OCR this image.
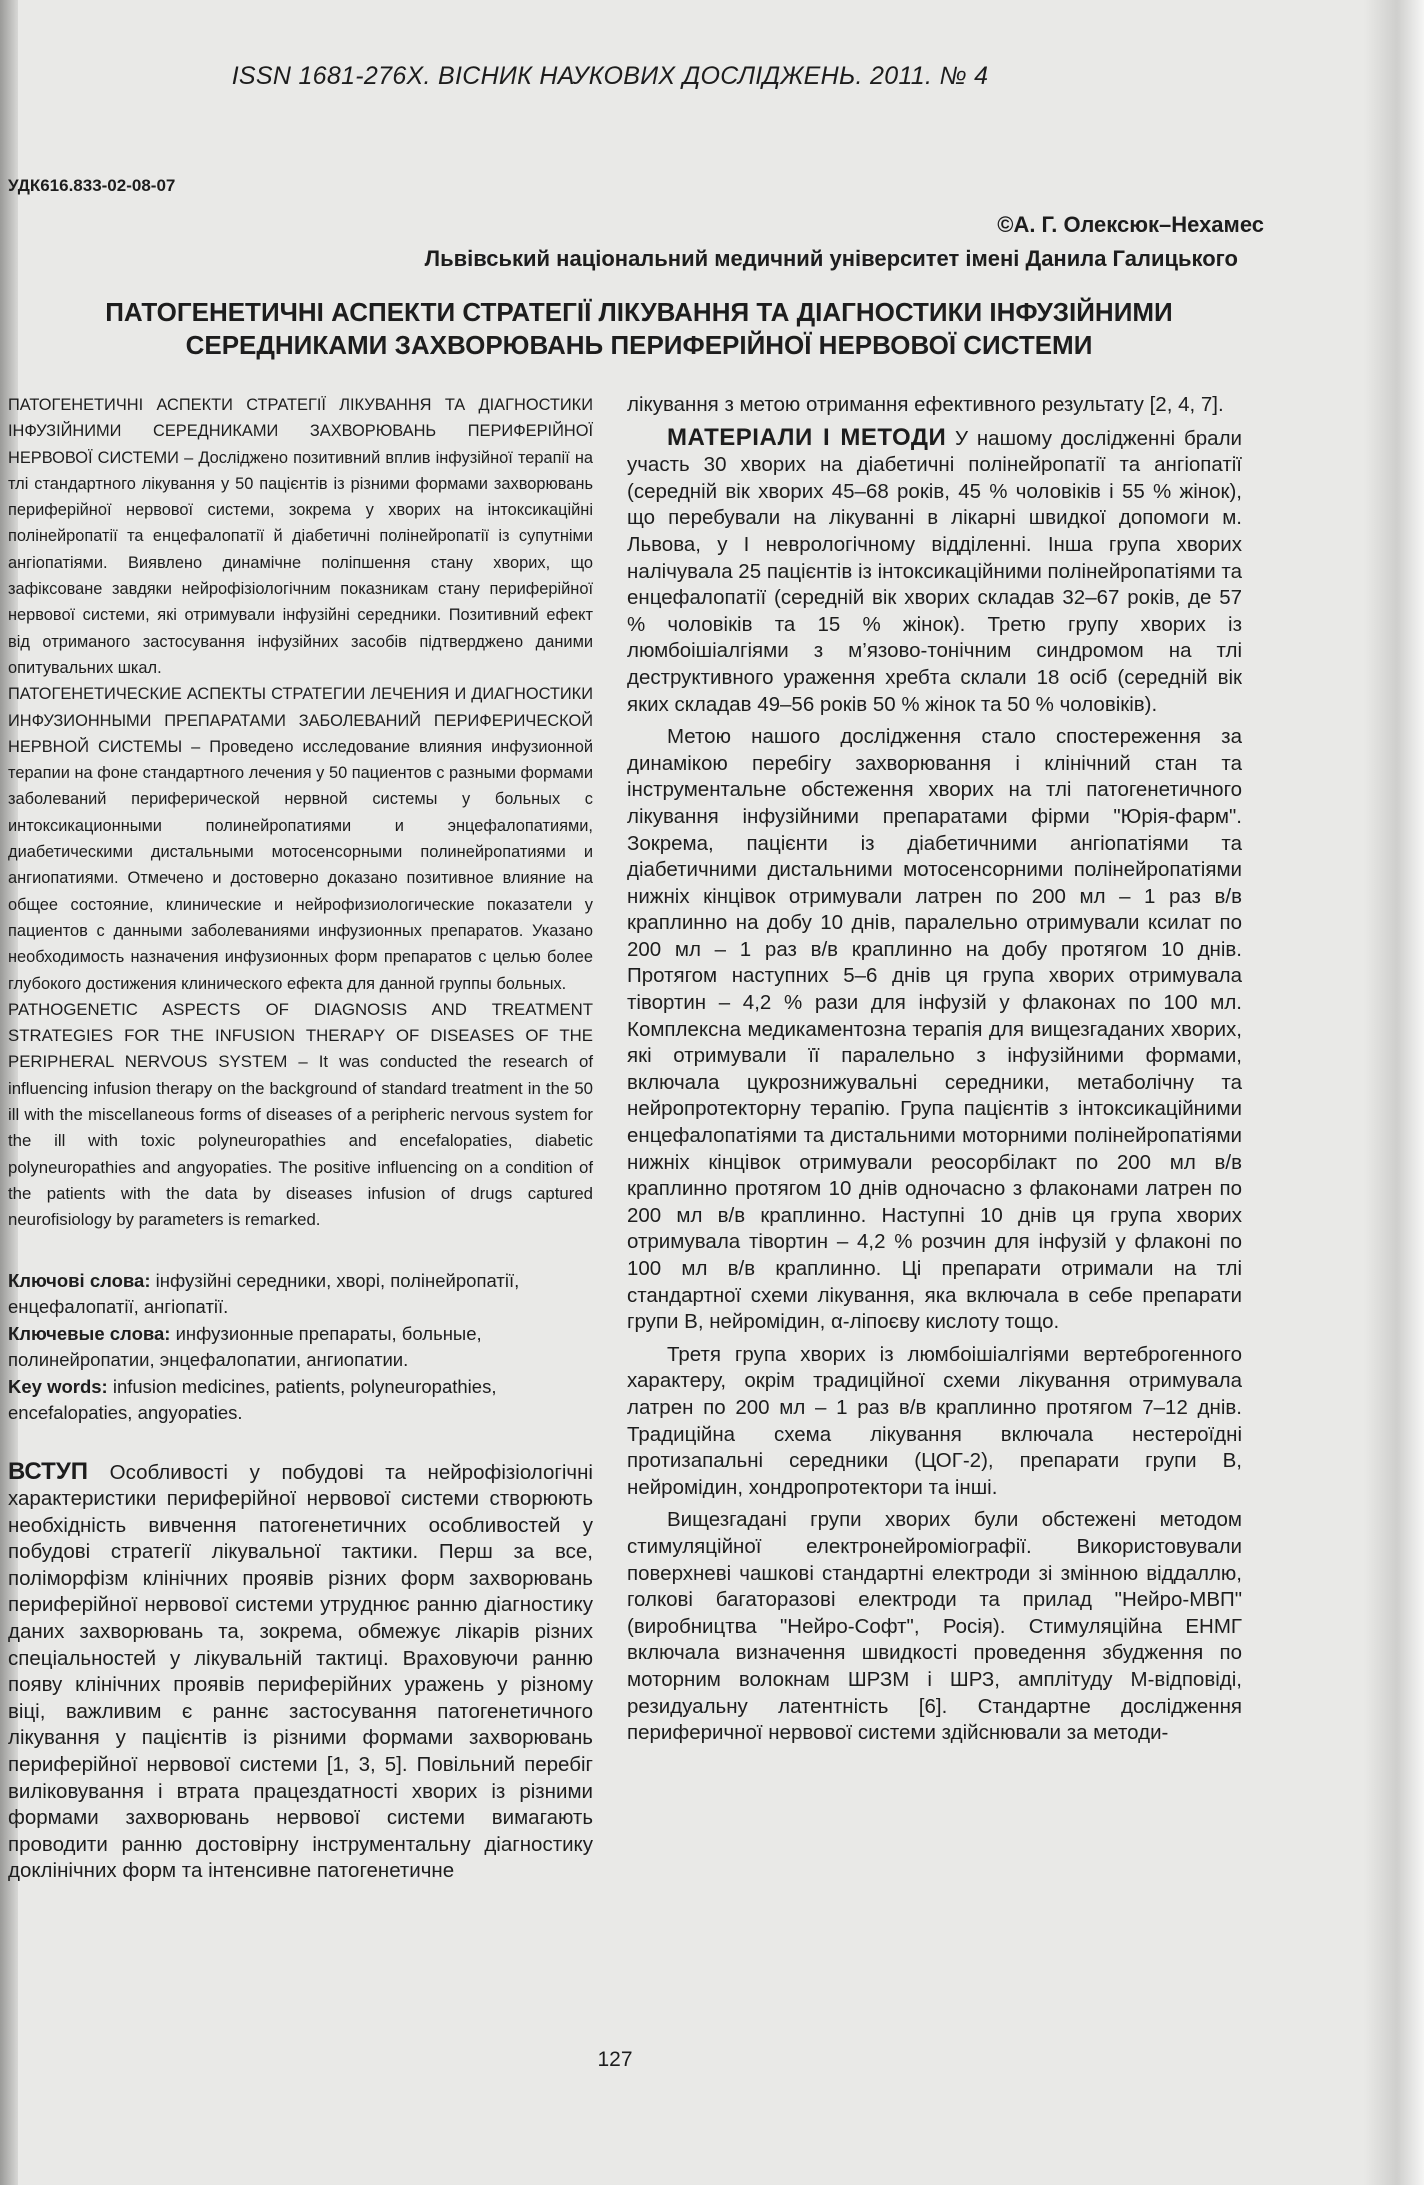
ISSN 1681-276X. ВІСНИК НАУКОВИХ ДОСЛІДЖЕНЬ. 2011. № 4
УДК616.833-02-08-07
©А. Г. Олексюк–Нехамес
Львівський національний медичний університет імені Данила Галицького
ПАТОГЕНЕТИЧНІ АСПЕКТИ СТРАТЕГІЇ ЛІКУВАННЯ ТА ДІАГНОСТИКИ ІНФУЗІЙНИМИ
СЕРЕДНИКАМИ ЗАХВОРЮВАНЬ ПЕРИФЕРІЙНОЇ НЕРВОВОЇ СИСТЕМИ

ПАТОГЕНЕТИЧНІ АСПЕКТИ СТРАТЕГІЇ ЛІКУВАННЯ ТА ДІАГНОСТИКИ ІНФУЗІЙНИМИ СЕРЕДНИКАМИ ЗАХВОРЮВАНЬ ПЕРИФЕРІЙНОЇ НЕРВОВОЇ СИСТЕМИ – Досліджено позитивний вплив інфузійної терапії на тлі стандартного лікування у 50 пацієнтів із різними формами захворювань периферійної нервової системи, зокрема у хворих на інтоксикаційні полінейропатії та енцефалопатії й діабетичні полінейропатії із супутніми ангіопатіями. Виявлено динамічне поліпшення стану хворих, що зафіксоване завдяки нейрофізіологічним показникам стану периферійної нервової системи, які отримували інфузійні середники. Позитивний ефект від отриманого застосування інфузійних засобів підтверджено даними опитувальних шкал.

ПАТОГЕНЕТИЧЕСКИЕ АСПЕКТЫ СТРАТЕГИИ ЛЕЧЕНИЯ И ДИАГНОСТИКИ ИНФУЗИОННЫМИ ПРЕПАРАТАМИ ЗАБОЛЕВАНИЙ ПЕРИФЕРИЧЕСКОЙ НЕРВНОЙ СИСТЕМЫ – Проведено исследование влияния инфузионной терапии на фоне стандартного лечения у 50 пациентов с разными формами заболеваний периферической нервной системы у больных с интоксикационными полинейропатиями и энцефалопатиями, диабетическими дистальными мотосенсорными полинейропатиями и ангиопатиями. Отмечено и достоверно доказано позитивное влияние на общее состояние, клинические и нейрофизиологические показатели у пациентов с данными заболеваниями инфузионных препаратов. Указано необходимость назначения инфузионных форм препаратов с целью более глубокого достижения клинического ефекта для данной группы больных.

PATHOGENETIC ASPECTS OF DIAGNOSIS AND TREATMENT STRATEGIES FOR THE INFUSION THERAPY OF DISEASES OF THE PERIPHERAL NERVOUS SYSTEM – It was conducted the research of influencing infusion therapy on the background of standard treatment in the 50 ill with the miscellaneous forms of diseases of a peripheric nervous system for the ill with toxic polyneuropathies and encefalopaties, diabetic polyneuropathies and angyopaties. The positive influencing on a condition of the patients with the data by diseases infusion of drugs captured neurofisiology by parameters is remarked.

Ключові слова: інфузійні середники, хворі, полінейропатії, енцефалопатії, ангіопатії.

Ключевые слова: инфузионные препараты, больные, полинейропатии, энцефалопатии, ангиопатии.

Key words: infusion medicines, patients, polyneuropathies, encefalopaties, angyopaties.

ВСТУП Особливості у побудові та нейрофізіологічні характеристики периферійної нервової системи створюють необхідність вивчення патогенетичних особливостей у побудові стратегії лікувальної тактики. Перш за все, поліморфізм клінічних проявів різних форм захворювань периферійної нервової системи утруднює ранню діагностику даних захворювань та, зокрема, обмежує лікарів різних спеціальностей у лікувальній тактиці. Враховуючи ранню появу клінічних проявів периферійних уражень у різному віці, важливим є раннє застосування патогенетичного лікування у пацієнтів із різними формами захворювань периферійної нервової системи [1, 3, 5]. Повільний перебіг виліковування і втрата працездатності хворих із різними формами захворювань нервової системи вимагають проводити ранню достовірну інструментальну діагностику доклінічних форм та інтенсивне патогенетичне

лікування з метою отримання ефективного результату [2, 4, 7].

МАТЕРІАЛИ І МЕТОДИ У нашому дослідженні брали участь 30 хворих на діабетичні полінейропатії та ангіопатії (середній вік хворих 45–68 років, 45 % чоловіків і 55 % жінок), що перебували на лікуванні в лікарні швидкої допомоги м. Львова, у І неврологічному відділенні. Інша група хворих налічувала 25 пацієнтів із інтоксикаційними полінейропатіями та енцефалопатії (середній вік хворих складав 32–67 років, де 57 % чоловіків та 15 % жінок). Третю групу хворих із люмбоішіалгіями з м’язово-тонічним синдромом на тлі деструктивного ураження хребта склали 18 осіб (середній вік яких складав 49–56 років 50 % жінок та 50 % чоловіків).

Метою нашого дослідження стало спостереження за динамікою перебігу захворювання і клінічний стан та інструментальне обстеження хворих на тлі патогенетичного лікування інфузійними препаратами фірми "Юрія-фарм". Зокрема, пацієнти із діабетичними ангіопатіями та діабетичними дистальними мотосенсорними полінейропатіями нижніх кінцівок отримували латрен по 200 мл – 1 раз в/в краплинно на добу 10 днів, паралельно отримували ксилат по 200 мл – 1 раз в/в краплинно на добу протягом 10 днів. Протягом наступних 5–6 днів ця група хворих отримувала тівортин – 4,2 % рази для інфузій у флаконах по 100 мл. Комплексна медикаментозна терапія для вищезгаданих хворих, які отримували її паралельно з інфузійними формами, включала цукрознижувальні середники, метаболічну та нейропротекторну терапію. Група пацієнтів з інтоксикаційними енцефалопатіями та дистальними моторними полінейропатіями нижніх кінцівок отримували реосорбілакт по 200 мл в/в краплинно протягом 10 днів одночасно з флаконами латрен по 200 мл в/в краплинно. Наступні 10 днів ця група хворих отримувала тівортин – 4,2 % розчин для інфузій у флаконі по 100 мл в/в краплинно. Ці препарати отримали на тлі стандартної схеми лікування, яка включала в себе препарати групи В, нейромідин, α-ліпоєву кислоту тощо.

Третя група хворих із люмбоішіалгіями вертеброгенного характеру, окрім традиційної схеми лікування отримувала латрен по 200 мл – 1 раз в/в краплинно протягом 7–12 днів. Традиційна схема лікування включала нестероїдні протизапальні середники (ЦОГ-2), препарати групи В, нейромідин, хондропротектори та інші.

Вищезгадані групи хворих були обстежені методом стимуляційної електронейроміографії. Використовували поверхневі чашкові стандартні електроди зі змінною віддаллю, голкові багаторазові електроди та прилад "Нейро-МВП" (виробництва "Нейро-Софт", Росія). Стимуляційна ЕНМГ включала визначення швидкості проведення збудження по моторним волокнам ШРЗМ і ШРЗ, амплітуду М-відповіді, резидуальну латентність [6]. Стандартне дослідження периферичної нервової системи здійснювали за методи-

127
